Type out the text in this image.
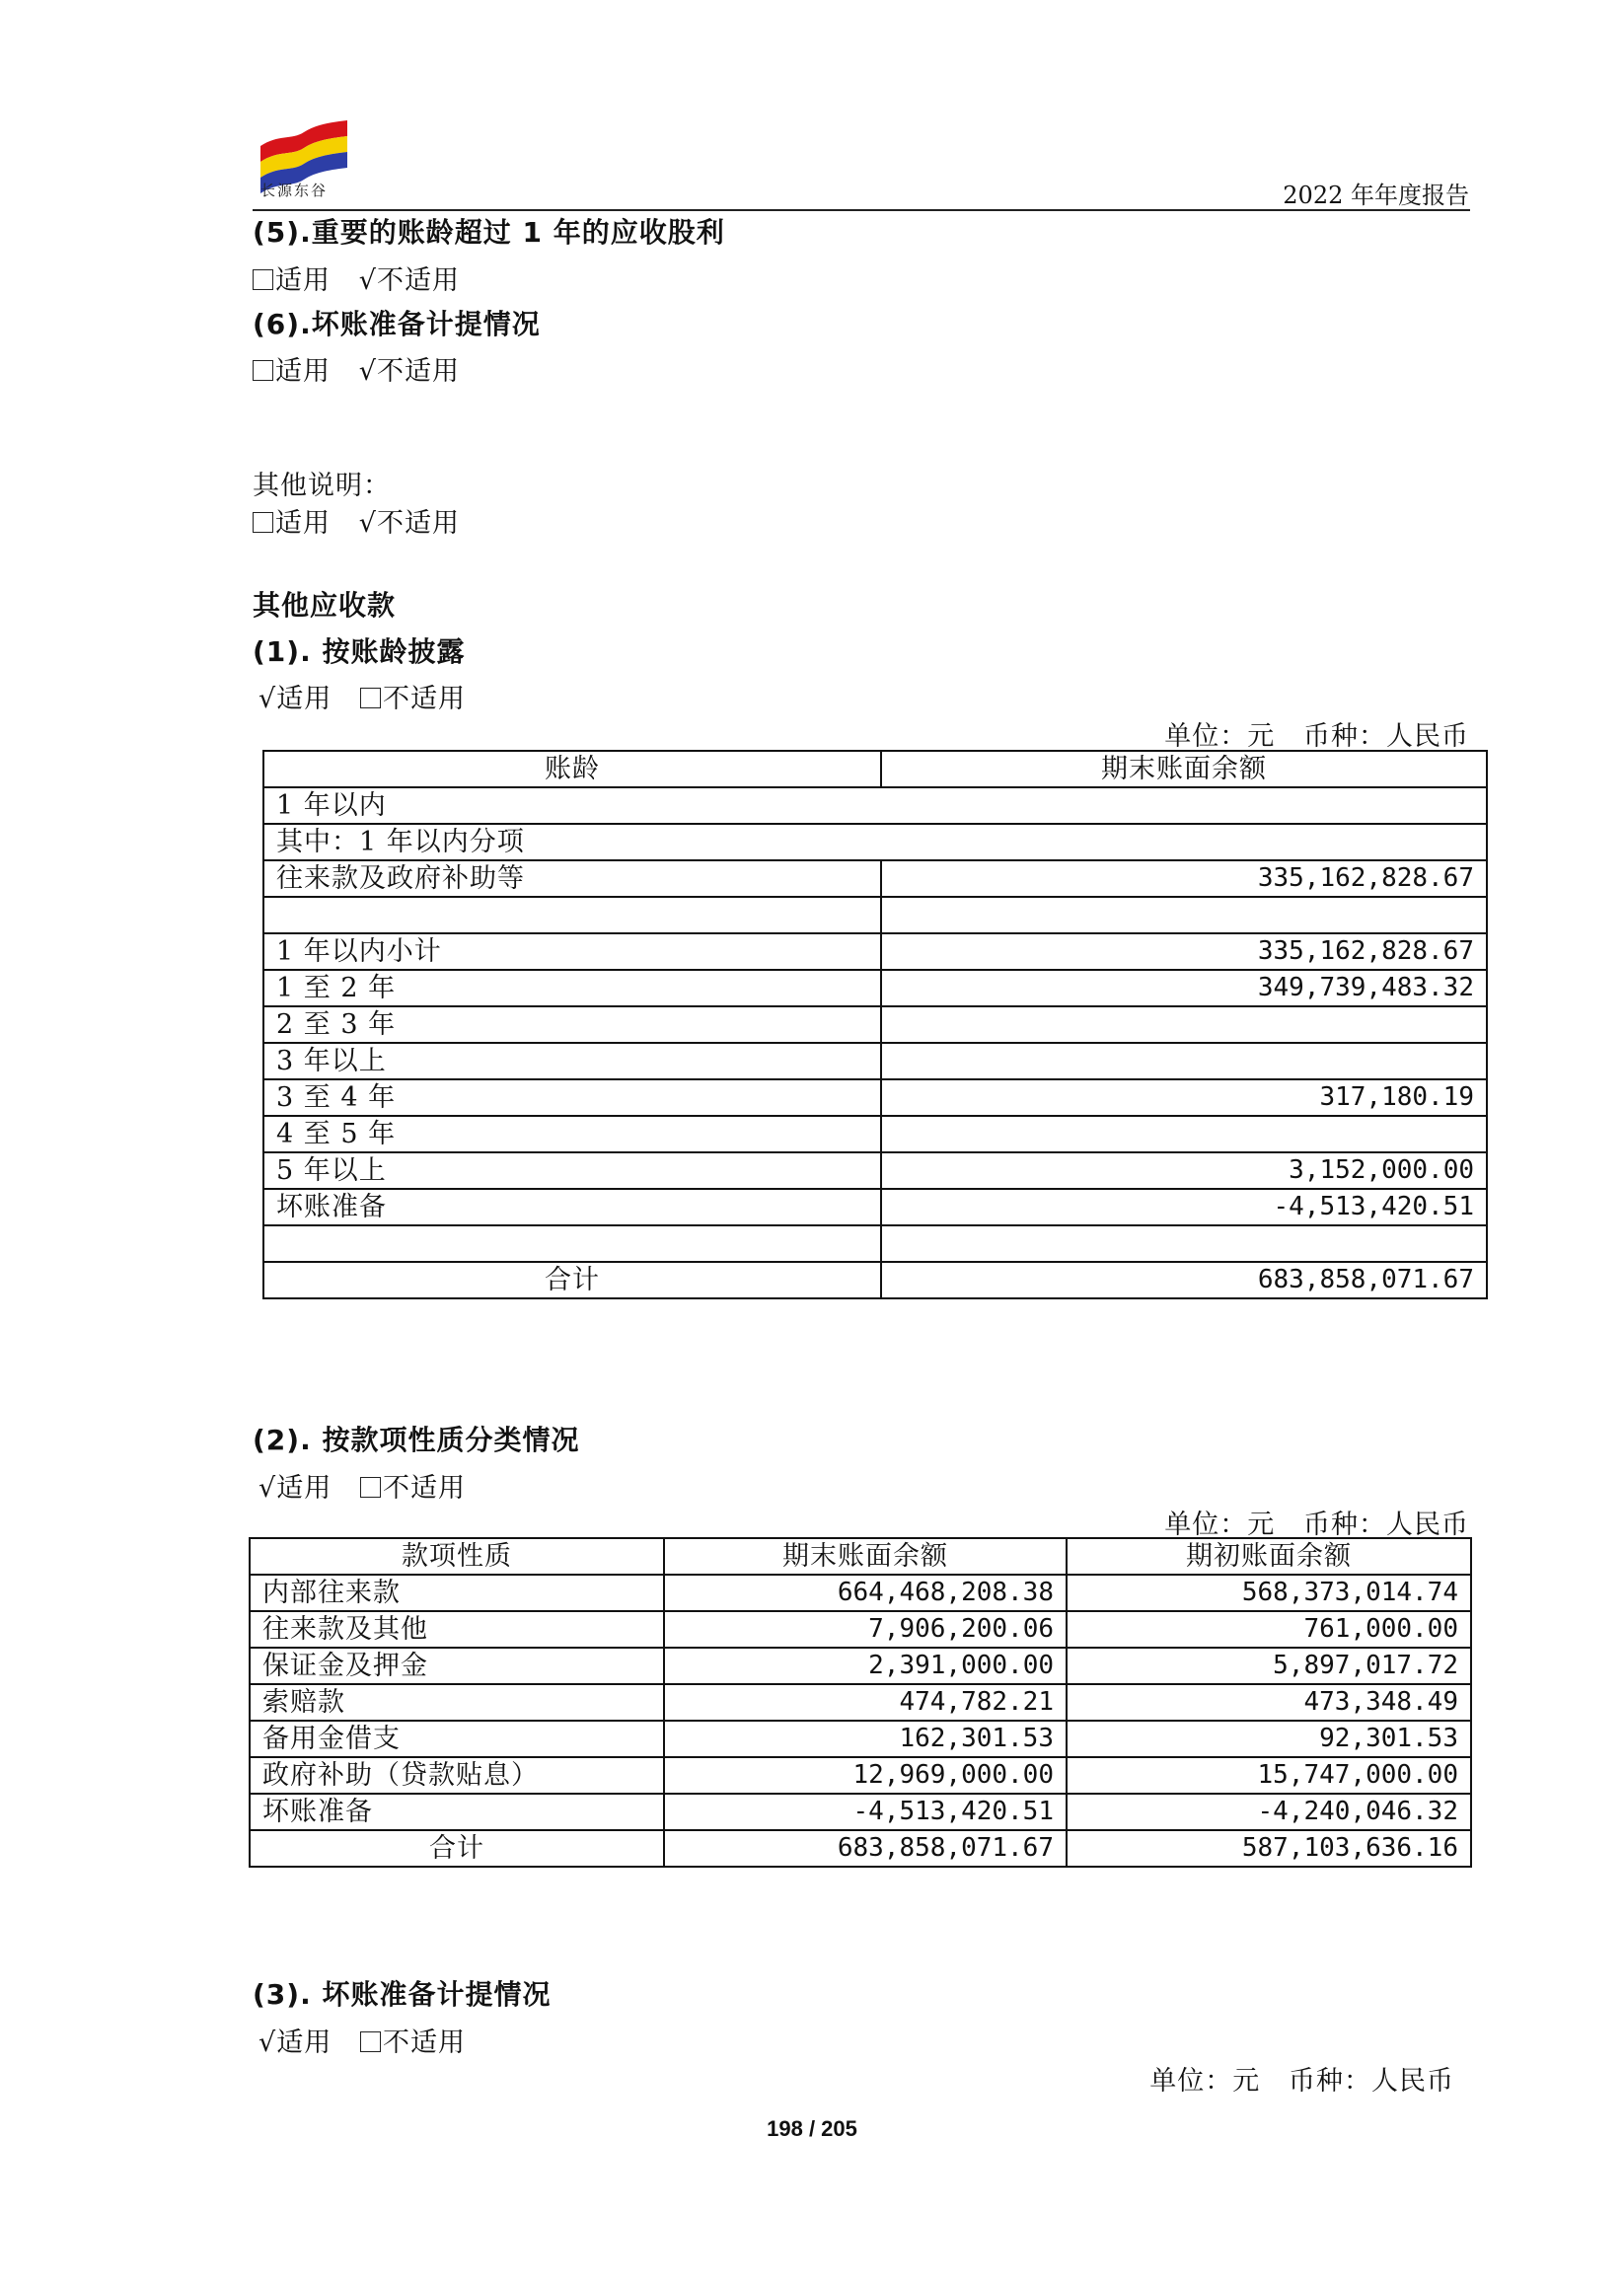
长源东谷	2022 年年度报告
(5).重要的账龄超过 1 年的应收股利
适用 √不适用
(6).坏账准备计提情况
适用 √不适用
其他说明：
适用 √不适用
其他应收款
(1). 按账龄披露
√适用 不适用
单位：元   币种：人民币
账龄	期末账面余额
1 年以内	
其中：1 年以内分项	
往来款及政府补助等	335,162,828.67

1 年以内小计	335,162,828.67
1 至 2 年	349,739,483.32
2 至 3 年	
3 年以上	
3 至 4 年	317,180.19
4 至 5 年	
5 年以上	3,152,000.00
坏账准备	-4,513,420.51

合计	683,858,071.67
(2). 按款项性质分类情况
√适用 不适用
单位：元   币种：人民币
款项性质	期末账面余额	期初账面余额
内部往来款	664,468,208.38	568,373,014.74
往来款及其他	7,906,200.06	761,000.00
保证金及押金	2,391,000.00	5,897,017.72
索赔款	474,782.21	473,348.49
备用金借支	162,301.53	92,301.53
政府补助（贷款贴息）	12,969,000.00	15,747,000.00
坏账准备	-4,513,420.51	-4,240,046.32
合计	683,858,071.67	587,103,636.16
(3). 坏账准备计提情况
√适用 不适用
单位：元   币种：人民币
198 / 205
